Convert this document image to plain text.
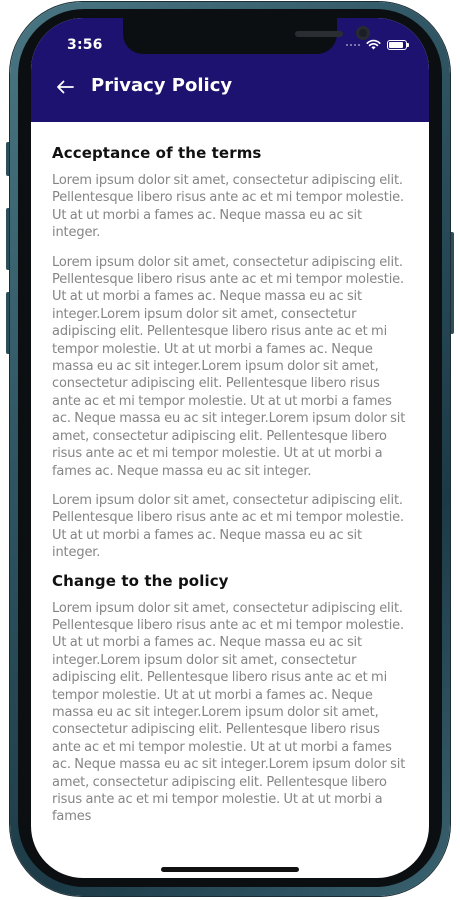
3:56
Privacy Policy
Acceptance of the terms

Lorem ipsum dolor sit amet, consectetur adipiscing elit. Pellentesque libero risus ante ac et mi tempor molestie. Ut at ut morbi a fames ac. Neque massa eu ac sit integer.

Lorem ipsum dolor sit amet, consectetur adipiscing elit. Pellentesque libero risus ante ac et mi tempor molestie. Ut at ut morbi a fames ac. Neque massa eu ac sit integer.Lorem ipsum dolor sit amet, consectetur adipiscing elit. Pellentesque libero risus ante ac et mi tempor molestie. Ut at ut morbi a fames ac. Neque massa eu ac sit integer.Lorem ipsum dolor sit amet, consectetur adipiscing elit. Pellentesque libero risus ante ac et mi tempor molestie. Ut at ut morbi a fames ac. Neque massa eu ac sit integer.Lorem ipsum dolor sit amet, consectetur adipiscing elit. Pellentesque libero risus ante ac et mi tempor molestie. Ut at ut morbi a fames ac. Neque massa eu ac sit integer.

Lorem ipsum dolor sit amet, consectetur adipiscing elit. Pellentesque libero risus ante ac et mi tempor molestie. Ut at ut morbi a fames ac. Neque massa eu ac sit integer.

Change to the policy

Lorem ipsum dolor sit amet, consectetur adipiscing elit. Pellentesque libero risus ante ac et mi tempor molestie. Ut at ut morbi a fames ac. Neque massa eu ac sit integer.Lorem ipsum dolor sit amet, consectetur adipiscing elit. Pellentesque libero risus ante ac et mi tempor molestie. Ut at ut morbi a fames ac. Neque massa eu ac sit integer.Lorem ipsum dolor sit amet, consectetur adipiscing elit. Pellentesque libero risus ante ac et mi tempor molestie. Ut at ut morbi a fames ac. Neque massa eu ac sit integer.Lorem ipsum dolor sit amet, consectetur adipiscing elit. Pellentesque libero risus ante ac et mi tempor molestie. Ut at ut morbi a fames
